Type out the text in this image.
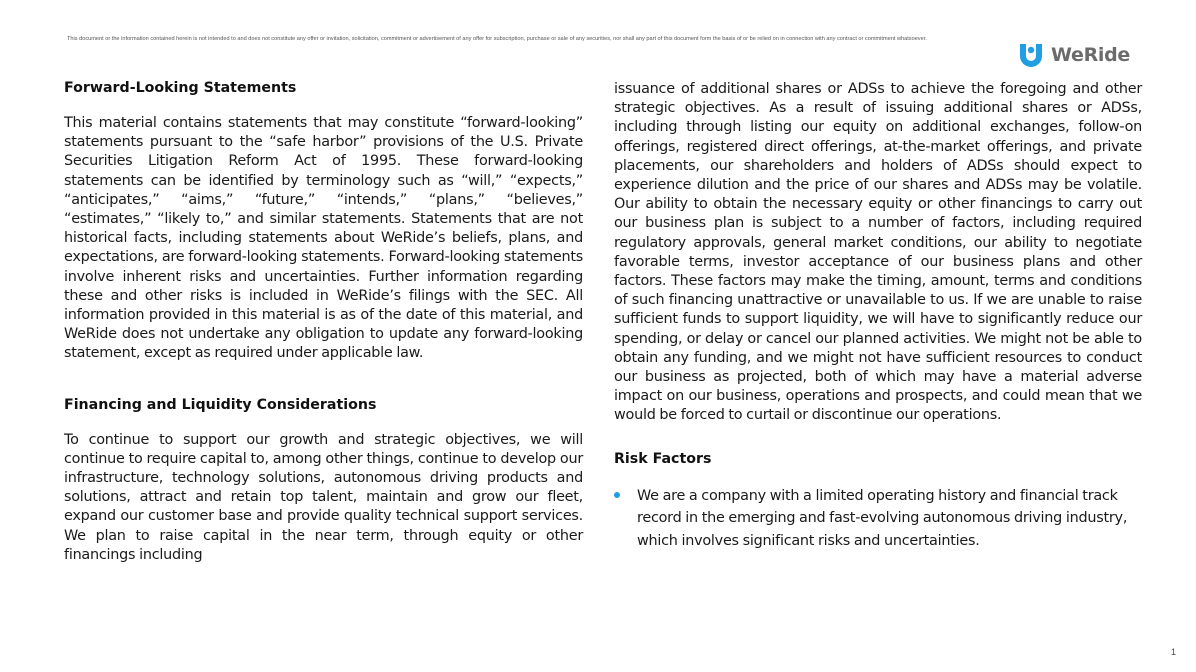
This document or the information contained herein is not intended to and does not constitute any offer or invitation, solicitation, commitment or advertisement of any offer for subscription, purchase or sale of any securities, nor shall any part of this document form the basis of or be relied on in connection with any contract or commitment whatsoever.
WeRide
Forward-Looking Statements

This material contains statements that may constitute “forward-looking” statements pursuant to the “safe harbor” provisions of the U.S. Private Securities Litigation Reform Act of 1995. These forward-looking statements can be identified by terminology such as “will,” “expects,” “anticipates,” “aims,” “future,” “intends,” “plans,” “believes,” “estimates,” “likely to,” and similar statements. Statements that are not historical facts, including statements about WeRide’s beliefs, plans, and expectations, are forward-looking statements. Forward-looking statements involve inherent risks and uncertainties. Further information regarding these and other risks is included in WeRide’s filings with the SEC. All information provided in this material is as of the date of this material, and WeRide does not undertake any obligation to update any forward-looking statement, except as required under applicable law.

Financing and Liquidity Considerations

To continue to support our growth and strategic objectives, we will continue to require capital to, among other things, continue to develop our infrastructure, technology solutions, autonomous driving products and solutions, attract and retain top talent, maintain and grow our fleet, expand our customer base and provide quality technical support services. We plan to raise capital in the near term, through equity or other financings including

issuance of additional shares or ADSs to achieve the foregoing and other strategic objectives. As a result of issuing additional shares or ADSs, including through listing our equity on additional exchanges, follow-on offerings, registered direct offerings, at-the-market offerings, and private placements, our shareholders and holders of ADSs should expect to experience dilution and the price of our shares and ADSs may be volatile. Our ability to obtain the necessary equity or other financings to carry out our business plan is subject to a number of factors, including required regulatory approvals, general market conditions, our ability to negotiate favorable terms, investor acceptance of our business plans and other factors. These factors may make the timing, amount, terms and conditions of such financing unattractive or unavailable to us. If we are unable to raise sufficient funds to support liquidity, we will have to significantly reduce our spending, or delay or cancel our planned activities. We might not be able to obtain any funding, and we might not have sufficient resources to conduct our business as projected, both of which may have a material adverse impact on our business, operations and prospects, and could mean that we would be forced to curtail or discontinue our operations.

Risk Factors

We are a company with a limited operating history and financial track record in the emerging and fast-evolving autonomous driving industry, which involves significant risks and uncertainties.

1
